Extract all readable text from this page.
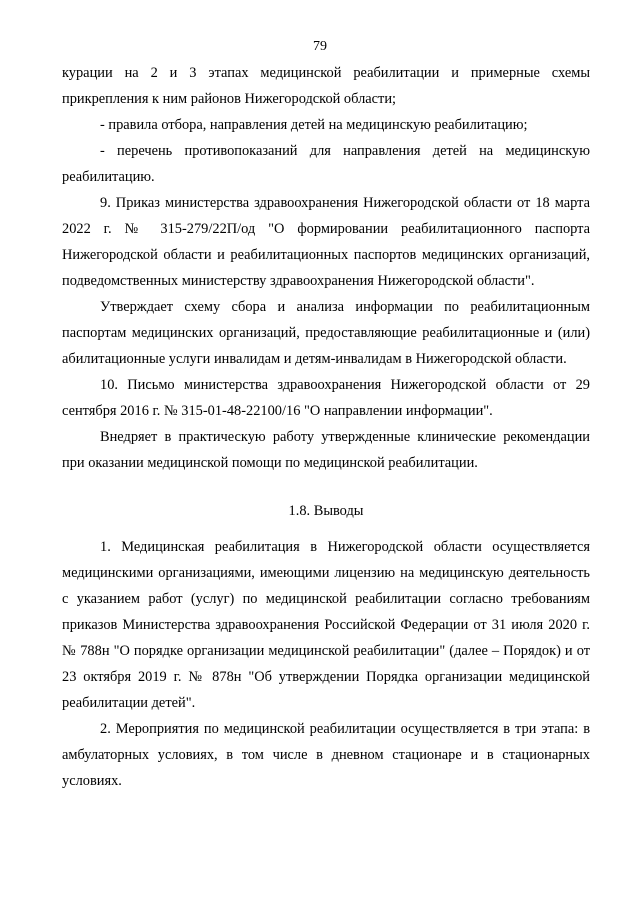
79

курации на 2 и 3 этапах медицинской реабилитации и примерные схемы прикрепления к ним районов Нижегородской области;

- правила отбора, направления детей на медицинскую реабилитацию;

- перечень противопоказаний для направления детей на медицинскую реабилитацию.

9. Приказ министерства здравоохранения Нижегородской области от 18 марта 2022 г. № 315-279/22П/од "О формировании реабилитационного паспорта Нижегородской области и реабилитационных паспортов медицинских организаций, подведомственных министерству здравоохранения Нижегородской области".

Утверждает схему сбора и анализа информации по реабилитационным паспортам медицинских организаций, предоставляющие реабилитационные и (или) абилитационные услуги инвалидам и детям-инвалидам в Нижегородской области.

10. Письмо министерства здравоохранения Нижегородской области от 29 сентября 2016 г. № 315-01-48-22100/16 "О направлении информации".

Внедряет в практическую работу утвержденные клинические рекомендации при оказании медицинской помощи по медицинской реабилитации.

1.8. Выводы

1. Медицинская реабилитация в Нижегородской области осуществляется медицинскими организациями, имеющими лицензию на медицинскую деятельность с указанием работ (услуг) по медицинской реабилитации согласно требованиям приказов Министерства здравоохранения Российской Федерации от 31 июля 2020 г. № 788н "О порядке организации медицинской реабилитации" (далее – Порядок) и от 23 октября 2019 г. № 878н "Об утверждении Порядка организации медицинской реабилитации детей".

2. Мероприятия по медицинской реабилитации осуществляется в три этапа: в амбулаторных условиях, в том числе в дневном стационаре и в стационарных условиях.
